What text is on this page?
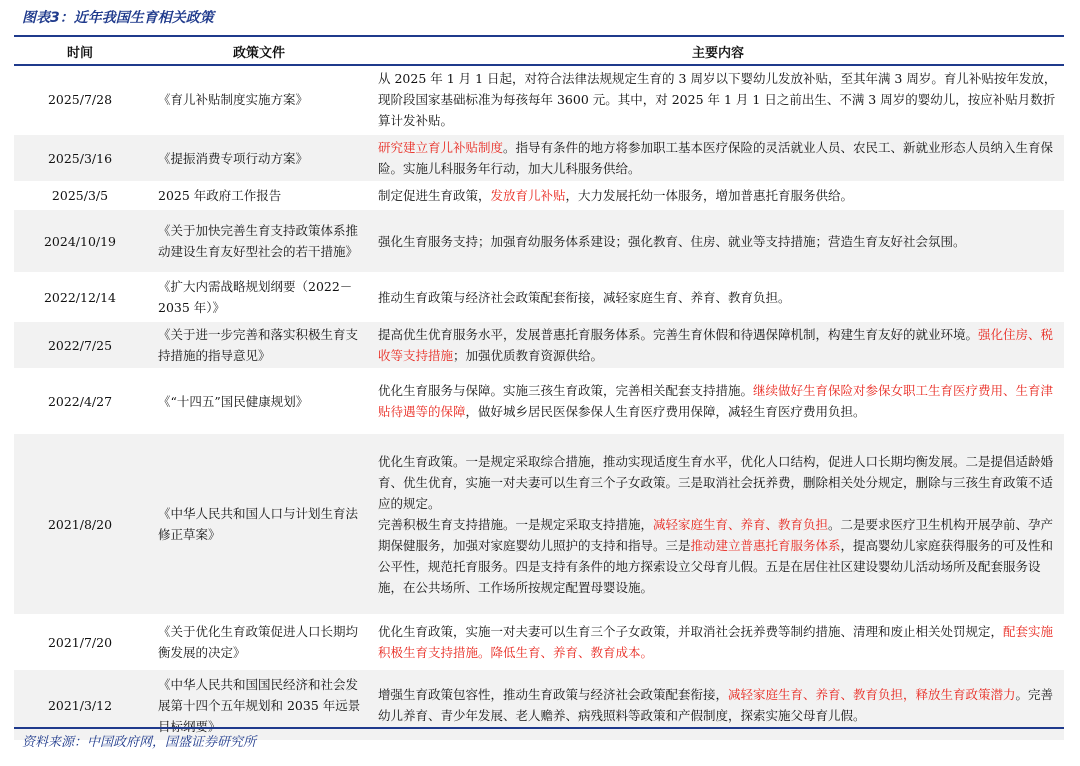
图表3：近年我国生育相关政策
时间	政策文件	主要内容
2025/7/28	《育儿补贴制度实施方案》	从 2025 年 1 月 1 日起，对符合法律法规规定生育的 3 周岁以下婴幼儿发放补贴，至其年满 3 周岁。育儿补贴按年发放，现阶段国家基础标准为每孩每年 3600 元。其中，对 2025 年 1 月 1 日之前出生、不满 3 周岁的婴幼儿，按应补贴月数折算计发补贴。
2025/3/16	《提振消费专项行动方案》	研究建立育儿补贴制度。指导有条件的地方将参加职工基本医疗保险的灵活就业人员、农民工、新就业形态人员纳入生育保险。实施儿科服务年行动，加大儿科服务供给。
2025/3/5	2025 年政府工作报告	制定促进生育政策，发放育儿补贴，大力发展托幼一体服务，增加普惠托育服务供给。
2024/10/19	《关于加快完善生育支持政策体系推动建设生育友好型社会的若干措施》	强化生育服务支持；加强育幼服务体系建设；强化教育、住房、就业等支持措施；营造生育友好社会氛围。
2022/12/14	《扩大内需战略规划纲要（2022－2035 年）》	推动生育政策与经济社会政策配套衔接，减轻家庭生育、养育、教育负担。
2022/7/25	《关于进一步完善和落实积极生育支持措施的指导意见》	提高优生优育服务水平，发展普惠托育服务体系。完善生育休假和待遇保障机制，构建生育友好的就业环境。强化住房、税收等支持措施；加强优质教育资源供给。
2022/4/27	《“十四五”国民健康规划》	优化生育服务与保障。实施三孩生育政策，完善相关配套支持措施。继续做好生育保险对参保女职工生育医疗费用、生育津贴待遇等的保障，做好城乡居民医保参保人生育医疗费用保障，减轻生育医疗费用负担。
2021/8/20	《中华人民共和国人口与计划生育法修正草案》	优化生育政策。一是规定采取综合措施，推动实现适度生育水平，优化人口结构，促进人口长期均衡发展。二是提倡适龄婚育、优生优育，实施一对夫妻可以生育三个子女政策。三是取消社会抚养费，删除相关处分规定，删除与三孩生育政策不适应的规定。
完善积极生育支持措施。一是规定采取支持措施，减轻家庭生育、养育、教育负担。二是要求医疗卫生机构开展孕前、孕产期保健服务，加强对家庭婴幼儿照护的支持和指导。三是推动建立普惠托育服务体系，提高婴幼儿家庭获得服务的可及性和公平性，规范托育服务。四是支持有条件的地方探索设立父母育儿假。五是在居住社区建设婴幼儿活动场所及配套服务设施，在公共场所、工作场所按规定配置母婴设施。
2021/7/20	《关于优化生育政策促进人口长期均衡发展的决定》	优化生育政策，实施一对夫妻可以生育三个子女政策，并取消社会抚养费等制约措施、清理和废止相关处罚规定，配套实施积极生育支持措施。降低生育、养育、教育成本。
2021/3/12	《中华人民共和国国民经济和社会发展第十四个五年规划和 2035 年远景目标纲要》	增强生育政策包容性，推动生育政策与经济社会政策配套衔接，减轻家庭生育、养育、教育负担，释放生育政策潜力。完善幼儿养育、青少年发展、老人赡养、病残照料等政策和产假制度，探索实施父母育儿假。
资料来源：中国政府网，国盛证券研究所
